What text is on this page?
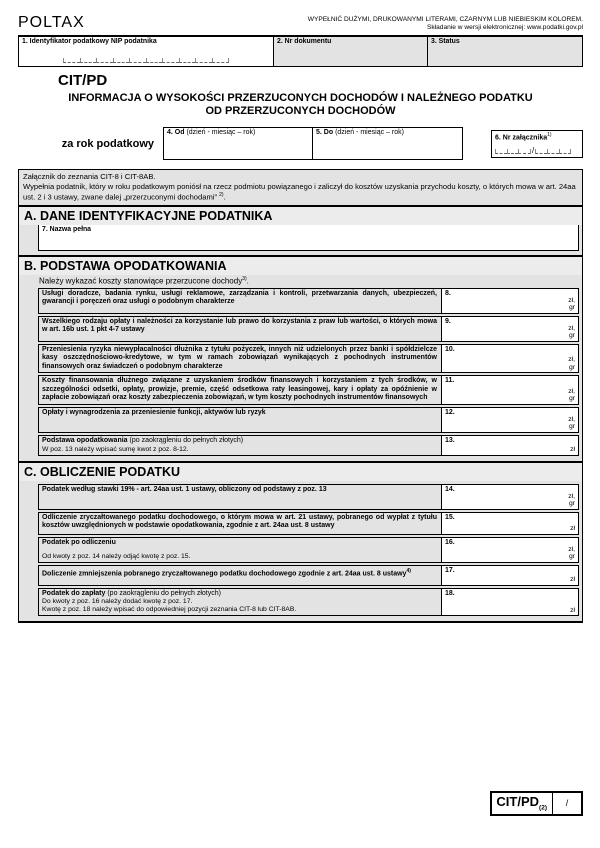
POLTAX	WYPEŁNIĆ DUŻYMI, DRUKOWANYMI LITERAMI, CZARNYM LUB NIEBIESKIM KOLOREM.
Składanie w wersji elektronicznej: www.podatki.gov.pl
1. Identyfikator podatkowy NIP podatnika	2. Nr dokumentu	3. Status
CIT/PD
INFORMACJA O WYSOKOŚCI PRZERZUCONYCH DOCHODÓW I NALEŻNEGO PODATKU
OD PRZERZUCONYCH DOCHODÓW
za rok podatkowy
4. Od (dzień - miesiąc – rok)	5. Do (dzień - miesiąc – rok)
6. Nr załącznika$^{1)}$
/
Załącznik do zeznania CIT-8 i CIT-8AB.
Wypełnia podatnik, który w roku podatkowym poniósł na rzecz podmiotu powiązanego i zaliczył do kosztów uzyskania przychodu koszty, o których mowa w art. 24aa ust. 2 i 3 ustawy, zwane dalej „przerzuconymi dochodami” $^{2)}$.
A. DANE IDENTYFIKACYJNE PODATNIKA
7. Nazwa pełna
B. PODSTAWA OPODATKOWANIA
Należy wykazać koszty stanowiące przerzucone dochody$^{3)}$.
Usługi doradcze, badania rynku, usługi reklamowe, zarządzania i kontroli, przetwarzania danych, ubezpieczeń, gwarancji i poręczeń oraz usługi o podobnym charakterze
8.
zł,
gr
Wszelkiego rodzaju opłaty i należności za korzystanie lub prawo do korzystania z praw lub wartości, o których mowa w art. 16b ust. 1 pkt 4-7 ustawy
9.
zł,
gr
Przeniesienia ryzyka niewypłacalności dłużnika z tytułu pożyczek, innych niż udzielonych przez banki i spółdzielcze kasy oszczędnościowo-kredytowe, w tym w ramach zobowiązań wynikających z pochodnych instrumentów finansowych oraz świadczeń o podobnym charakterze
10.
zł,
gr
Koszty finansowania dłużnego związane z uzyskaniem środków finansowych i korzystaniem z tych środków, w szczególności odsetki, opłaty, prowizje, premie, część odsetkowa raty leasingowej, kary i opłaty za opóźnienie w zapłacie zobowiązań oraz koszty zabezpieczenia zobowiązań, w tym koszty pochodnych instrumentów finansowych
11.
zł,
gr
Opłaty i wynagrodzenia za przeniesienie funkcji, aktywów lub ryzyk	12.
zł,
gr
Podstawa opodatkowania (po zaokrągleniu do pełnych złotych)
W poz. 13 należy wpisać sumę kwot z poz. 8-12.
13.
zł
C. OBLICZENIE PODATKU
Podatek według stawki 19% - art. 24aa ust. 1 ustawy, obliczony od podstawy z poz. 13	14.
zł,
gr
Odliczenie zryczałtowanego podatku dochodowego, o którym mowa w art. 21 ustawy, pobranego od wypłat z tytułu kosztów uwzględnionych w podstawie opodatkowania, zgodnie z art. 24aa ust. 8 ustawy
15.
zł
Podatek po odliczeniu
Od kwoty z poz. 14 należy odjąć kwotę z poz. 15.
16.
zł,
gr
Doliczenie zmniejszenia pobranego zryczałtowanego podatku dochodowego zgodnie z art. 24aa ust. 8 ustawy$^{4)}$	17.
zł
Podatek do zapłaty (po zaokrągleniu do pełnych złotych)
Do kwoty z poz. 16 należy dodać kwotę z poz. 17.
Kwotę z poz. 18 należy wpisać do odpowiedniej pozycji zeznania CIT-8 lub CIT-8AB.
18.
zł
CIT/$PD_{(2)}$	/
